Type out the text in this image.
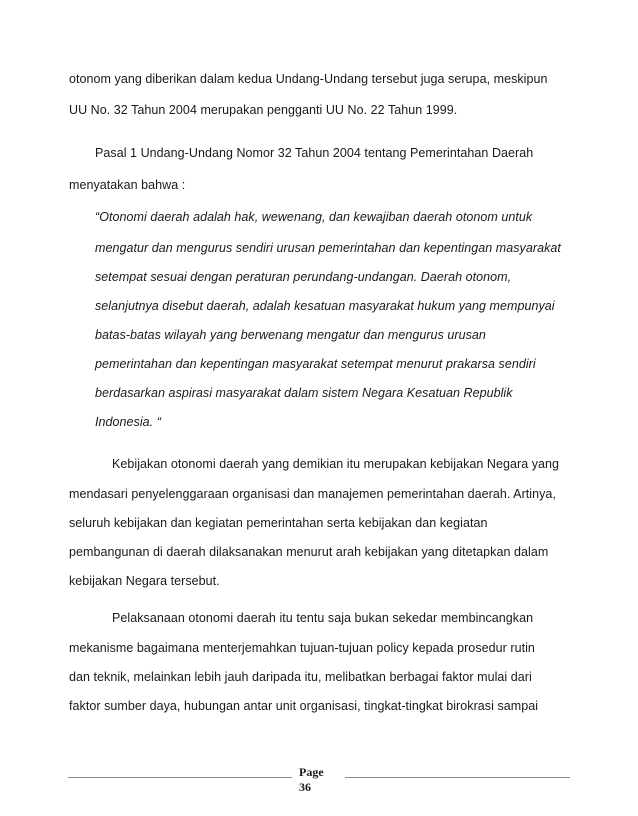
otonom yang diberikan dalam kedua Undang-Undang tersebut juga serupa, meskipun
UU No. 32 Tahun 2004 merupakan pengganti UU No. 22 Tahun 1999.
Pasal 1 Undang-Undang Nomor 32 Tahun 2004 tentang Pemerintahan Daerah
menyatakan bahwa :
“Otonomi daerah adalah hak, wewenang, dan kewajiban daerah otonom untuk
mengatur dan mengurus sendiri urusan pemerintahan dan kepentingan masyarakat
setempat sesuai dengan peraturan perundang-undangan. Daerah otonom,
selanjutnya disebut daerah, adalah kesatuan masyarakat hukum yang mempunyai
batas-batas wilayah yang berwenang mengatur dan mengurus urusan
pemerintahan dan kepentingan masyarakat setempat menurut prakarsa sendiri
berdasarkan aspirasi masyarakat dalam sistem Negara Kesatuan Republik
Indonesia. “
Kebijakan otonomi daerah yang demikian itu merupakan kebijakan Negara yang
mendasari penyelenggaraan organisasi dan manajemen pemerintahan daerah. Artinya,
seluruh kebijakan dan kegiatan pemerintahan serta kebijakan dan kegiatan
pembangunan di daerah dilaksanakan menurut arah kebijakan yang ditetapkan dalam
kebijakan Negara tersebut.
Pelaksanaan otonomi daerah itu tentu saja bukan sekedar membincangkan
mekanisme bagaimana menterjemahkan tujuan-tujuan policy kepada prosedur rutin
dan teknik, melainkan lebih jauh daripada itu, melibatkan berbagai faktor mulai dari
faktor sumber daya, hubungan antar unit organisasi, tingkat-tingkat birokrasi sampai
Page
36
